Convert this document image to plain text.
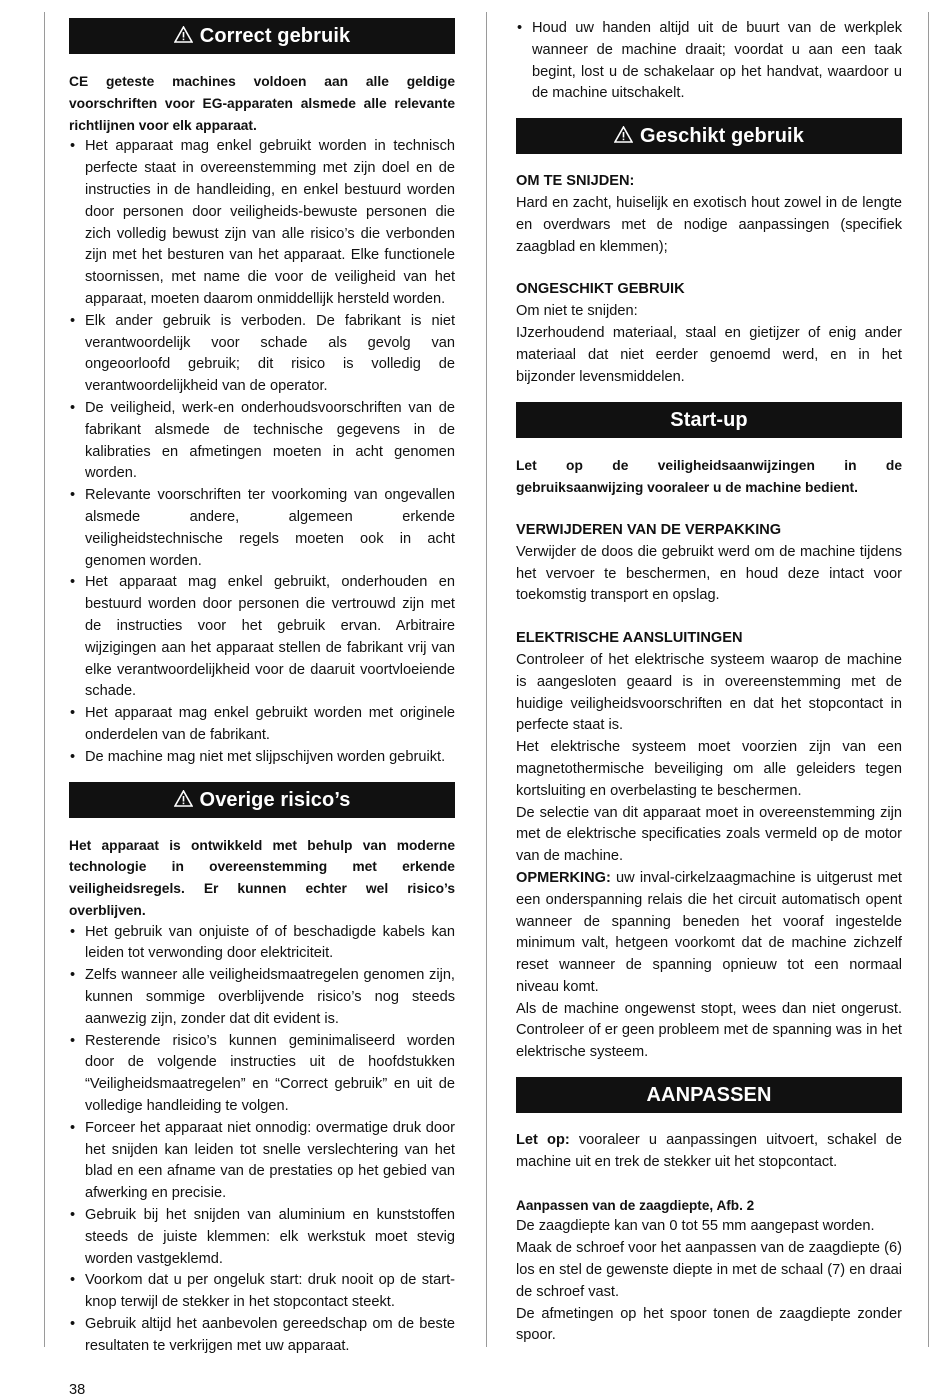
Correct gebruik

CE geteste machines voldoen aan alle geldige voorschriften voor EG-apparaten alsmede alle relevante richtlijnen voor elk apparaat.

• Het apparaat mag enkel gebruikt worden in technisch perfecte staat in overeenstemming met zijn doel en de instructies in de handleiding, en enkel bestuurd worden door personen door veiligheids-bewuste personen die zich volledig bewust zijn van alle risico’s die verbonden zijn met het besturen van het apparaat. Elke functionele stoornissen, met name die voor de veiligheid van het apparaat, moeten daarom onmiddellijk hersteld worden.
• Elk ander gebruik is verboden. De fabrikant is niet verantwoordelijk voor schade als gevolg van ongeoorloofd gebruik; dit risico is volledig de verantwoordelijkheid van de operator.
• De veiligheid, werk-en onderhoudsvoorschriften van de fabrikant alsmede de technische gegevens in de kalibraties en afmetingen moeten in acht genomen worden.
• Relevante voorschriften ter voorkoming van ongevallen alsmede andere, algemeen erkende veiligheidstechnische regels moeten ook in acht genomen worden.
• Het apparaat mag enkel gebruikt, onderhouden en bestuurd worden door personen die vertrouwd zijn met de instructies voor het gebruik ervan. Arbitraire wijzigingen aan het apparaat stellen de fabrikant vrij van elke verantwoordelijkheid voor de daaruit voortvloeiende schade.
• Het apparaat mag enkel gebruikt worden met originele onderdelen van de fabrikant.
• De machine mag niet met slijpschijven worden gebruikt.
Overige risico’s

Het apparaat is ontwikkeld met behulp van moderne technologie in overeenstemming met erkende veiligheidsregels. Er kunnen echter wel risico’s overblijven.

• Het gebruik van onjuiste of of beschadigde kabels kan leiden tot verwonding door elektriciteit.
• Zelfs wanneer alle veiligheidsmaatregelen genomen zijn, kunnen sommige overblijvende risico’s nog steeds aanwezig zijn, zonder dat dit evident is.
• Resterende risico’s kunnen geminimaliseerd worden door de volgende instructies uit de hoofdstukken “Veiligheidsmaatregelen” en “Correct gebruik” en uit de volledige handleiding te volgen.
• Forceer het apparaat niet onnodig: overmatige druk door het snijden kan leiden tot snelle verslechtering van het blad en een afname van de prestaties op het gebied van afwerking en precisie.
• Gebruik bij het snijden van aluminium en kunststoffen steeds de juiste klemmen: elk werkstuk moet stevig worden vastgeklemd.
• Voorkom dat u per ongeluk start: druk nooit op de start-knop terwijl de stekker in het stopcontact steekt.
• Gebruik altijd het aanbevolen gereedschap om de beste resultaten te verkrijgen met uw apparaat.
• Houd uw handen altijd uit de buurt van de werkplek wanneer de machine draait; voordat u aan een taak begint, lost u de schakelaar op het handvat, waardoor u de machine uitschakelt.
Geschikt gebruik
OM TE SNIJDEN:

Hard en zacht, huiselijk en exotisch hout zowel in de lengte en overdwars met de nodige aanpassingen (specifiek zaagblad en klemmen);

ONGESCHIKT GEBRUIK

Om niet te snijden:

IJzerhoudend materiaal, staal en gietijzer of enig ander materiaal dat niet eerder genoemd werd, en in het bijzonder levensmiddelen.

Start-up

Let op de veiligheidsaanwijzingen in de gebruiksaanwijzing vooraleer u de machine bedient.

VERWIJDEREN VAN DE VERPAKKING

Verwijder de doos die gebruikt werd om de machine tijdens het vervoer te beschermen, en houd deze intact voor toekomstig transport en opslag.

ELEKTRISCHE AANSLUITINGEN

Controleer of het elektrische systeem waarop de machine is aangesloten geaard is in overeenstemming met de huidige veiligheidsvoorschriften en dat het stopcontact in perfecte staat is.

Het elektrische systeem moet voorzien zijn van een magnetothermische beveiliging om alle geleiders tegen kortsluiting en overbelasting te beschermen.

De selectie van dit apparaat moet in overeenstemming zijn met de elektrische specificaties zoals vermeld op de motor van de machine.

OPMERKING: uw inval-cirkelzaagmachine is uitgerust met een onderspanning relais die het circuit automatisch opent wanneer de spanning beneden het vooraf ingestelde minimum valt, hetgeen voorkomt dat de machine zichzelf reset wanneer de spanning opnieuw tot een normaal niveau komt.

Als de machine ongewenst stopt, wees dan niet ongerust. Controleer of er geen probleem met de spanning was in het elektrische systeem.

AANPASSEN

Let op: vooraleer u aanpassingen uitvoert, schakel de machine uit en trek de stekker uit het stopcontact.

Aanpassen van de zaagdiepte, Afb. 2

De zaagdiepte kan van 0 tot 55 mm aangepast worden.

Maak de schroef voor het aanpassen van de zaagdiepte (6) los en stel de gewenste diepte in met de schaal (7) en draai de schroef vast.

De afmetingen op het spoor tonen de zaagdiepte zonder spoor.

38
